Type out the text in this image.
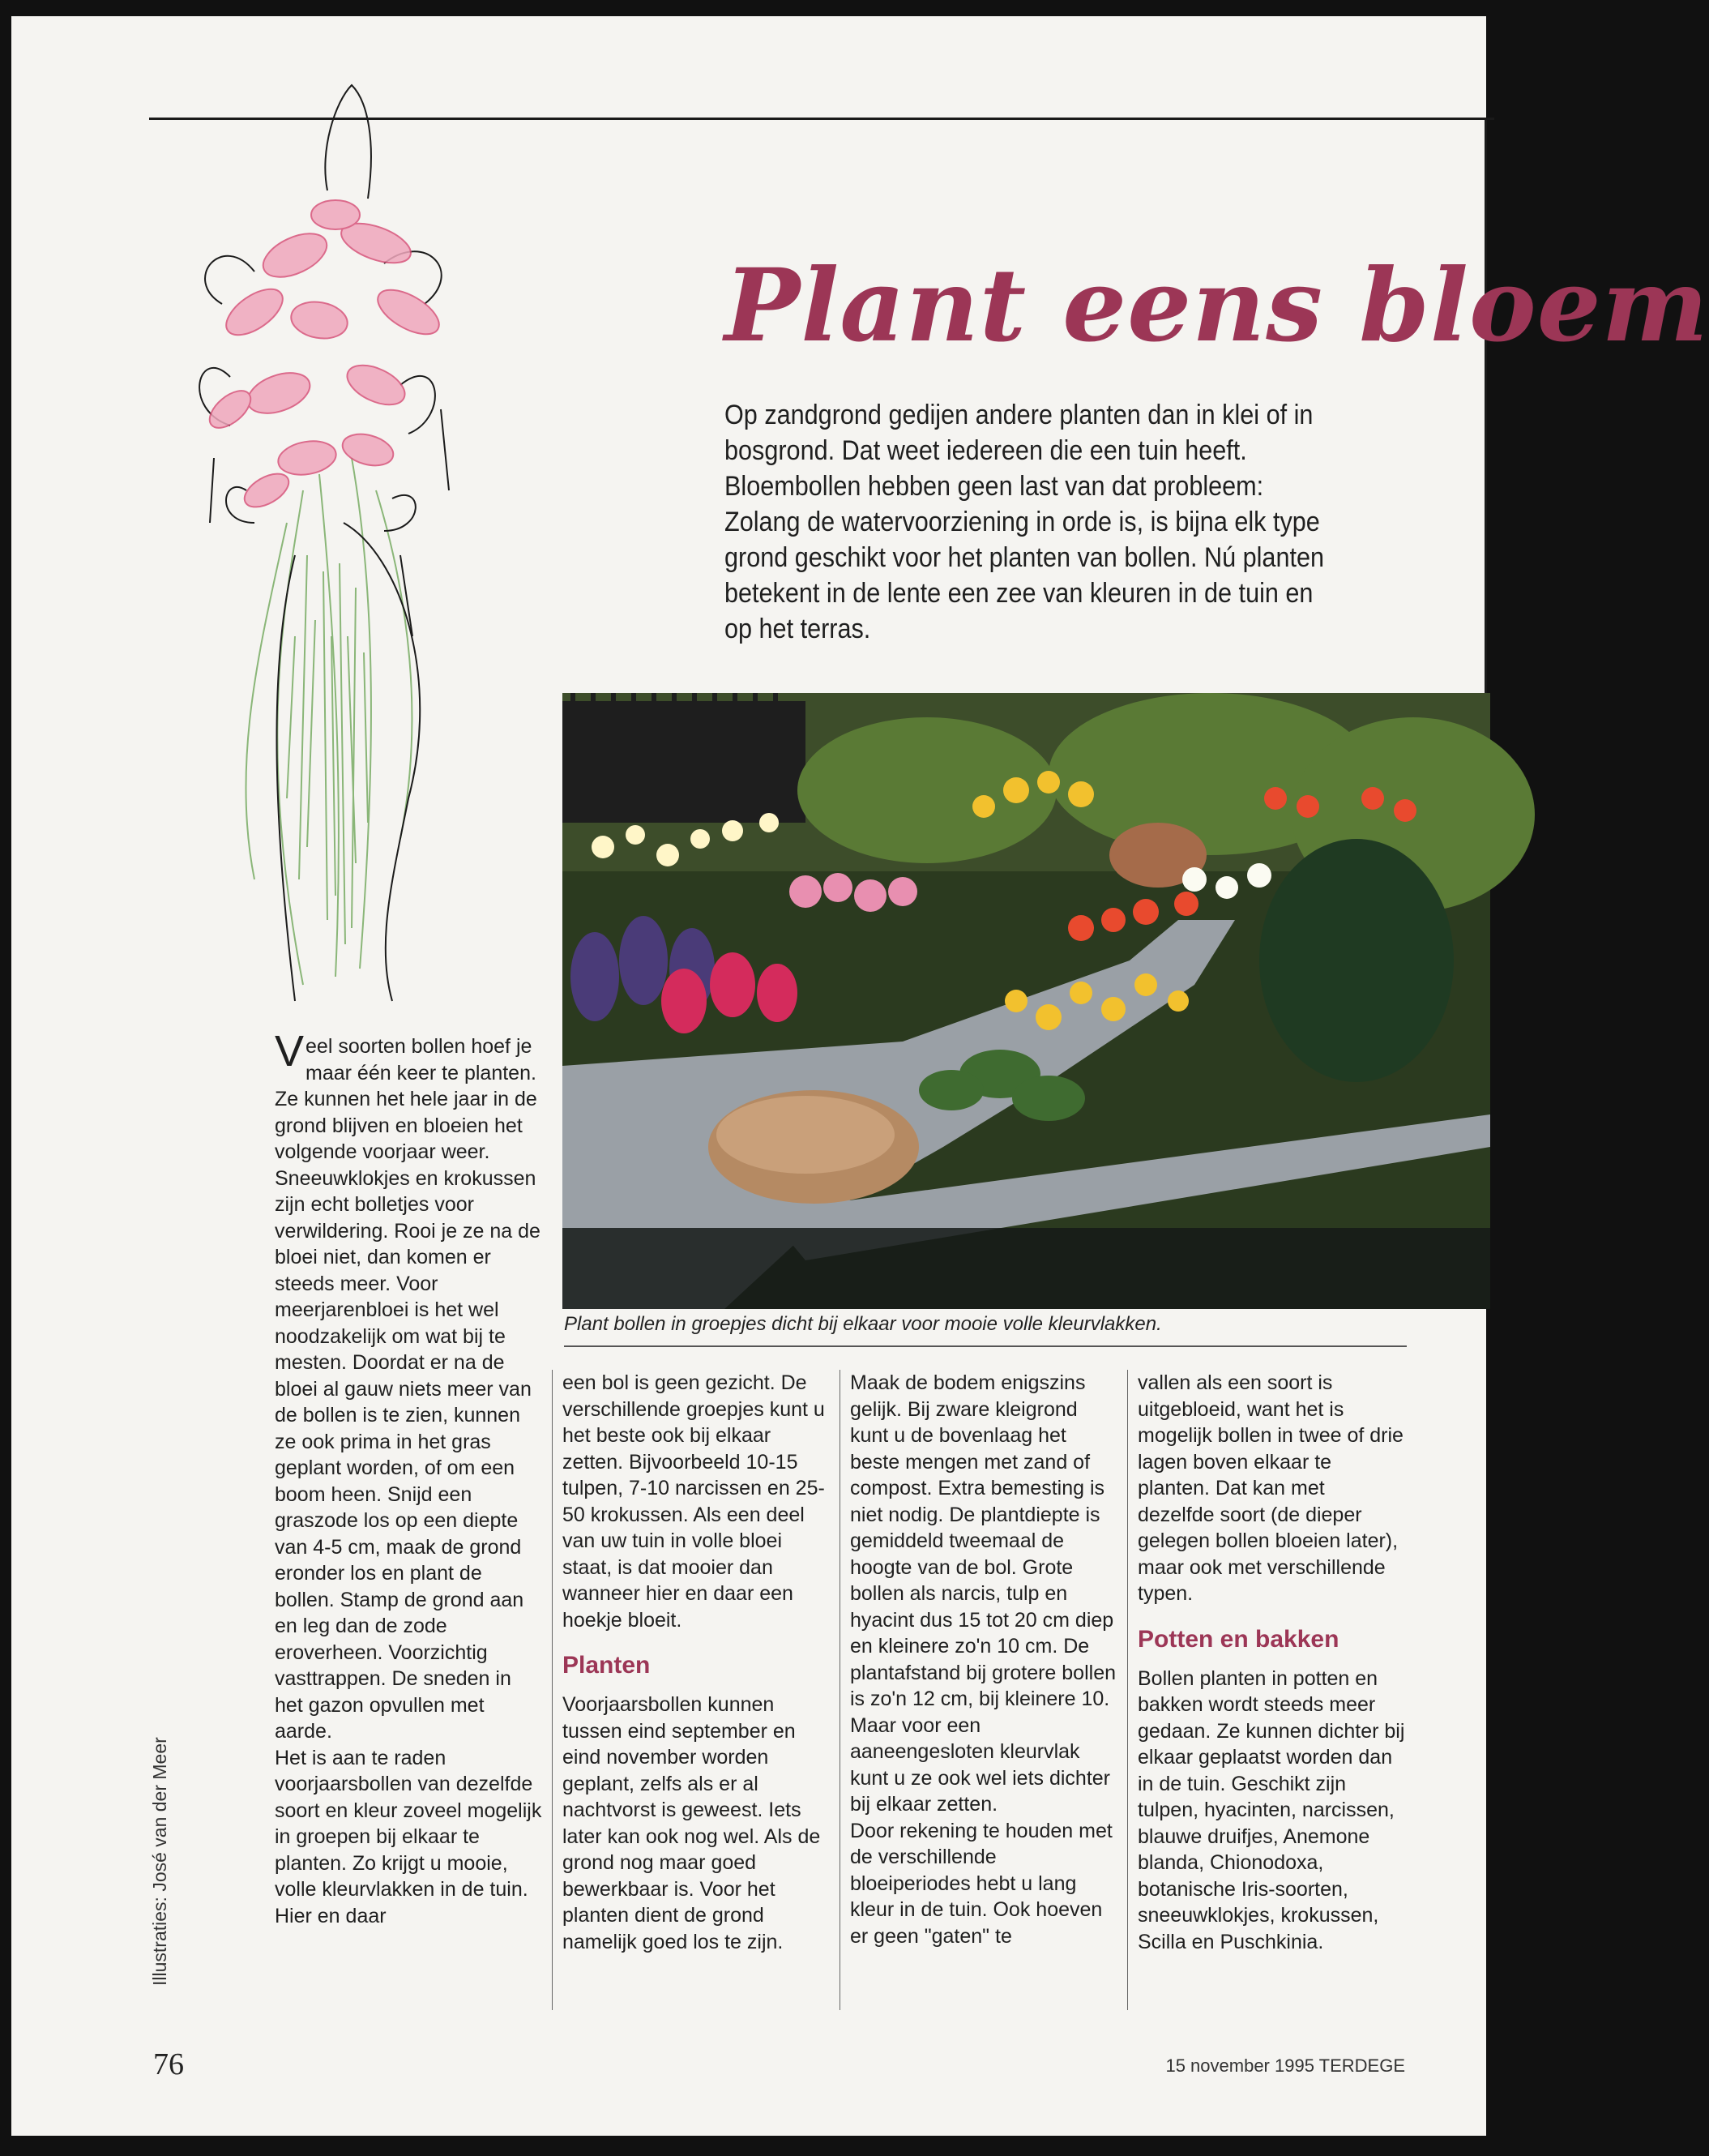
Plant eens bloem
Op zandgrond gedijen andere planten dan in klei of in bosgrond. Dat weet iedereen die een tuin heeft. Bloembollen hebben geen last van dat probleem: Zolang de watervoorziening in orde is, is bijna elk type grond geschikt voor het planten van bollen. Nú planten betekent in de lente een zee van kleuren in de tuin en op het terras.
Plant bollen in groepjes dicht bij elkaar voor mooie volle kleurvlakken.

Veel soorten bollen hoef je maar één keer te planten. Ze kunnen het hele jaar in de grond blijven en bloeien het volgende voorjaar weer. Sneeuwklokjes en krokussen zijn echt bolletjes voor verwildering. Rooi je ze na de bloei niet, dan komen er steeds meer. Voor meerjarenbloei is het wel noodzakelijk om wat bij te mesten. Doordat er na de bloei al gauw niets meer van de bollen is te zien, kunnen ze ook prima in het gras geplant worden, of om een boom heen. Snijd een graszode los op een diepte van 4-5 cm, maak de grond eronder los en plant de bollen. Stamp de grond aan en leg dan de zode eroverheen. Voorzichtig vasttrappen. De sneden in het gazon opvullen met aarde.

Het is aan te raden voorjaarsbollen van dezelfde soort en kleur zoveel mogelijk in groepen bij elkaar te planten. Zo krijgt u mooie, volle kleurvlakken in de tuin. Hier en daar

een bol is geen gezicht. De verschillende groepjes kunt u het beste ook bij elkaar zetten. Bijvoorbeeld 10-15 tulpen, 7-10 narcissen en 25-50 krokussen. Als een deel van uw tuin in volle bloei staat, is dat mooier dan wanneer hier en daar een hoekje bloeit.

Planten

Voorjaarsbollen kunnen tussen eind september en eind november worden geplant, zelfs als er al nachtvorst is geweest. Iets later kan ook nog wel. Als de grond nog maar goed bewerkbaar is. Voor het planten dient de grond namelijk goed los te zijn.

Maak de bodem enigszins gelijk. Bij zware kleigrond kunt u de bovenlaag het beste mengen met zand of compost. Extra bemesting is niet nodig. De plantdiepte is gemiddeld tweemaal de hoogte van de bol. Grote bollen als narcis, tulp en hyacint dus 15 tot 20 cm diep en kleinere zo'n 10 cm. De plantafstand bij grotere bollen is zo'n 12 cm, bij kleinere 10. Maar voor een aaneengesloten kleurvlak kunt u ze ook wel iets dichter bij elkaar zetten.

Door rekening te houden met de verschillende bloeiperiodes hebt u lang kleur in de tuin. Ook hoeven er geen "gaten" te

vallen als een soort is uitgebloeid, want het is mogelijk bollen in twee of drie lagen boven elkaar te planten. Dat kan met dezelfde soort (de dieper gelegen bollen bloeien later), maar ook met verschillende typen.

Potten en bakken

Bollen planten in potten en bakken wordt steeds meer gedaan. Ze kunnen dichter bij elkaar geplaatst worden dan in de tuin. Geschikt zijn tulpen, hyacinten, narcissen, blauwe druifjes, Anemone blanda, Chionodoxa, botanische Iris-soorten, sneeuwklokjes, krokussen, Scilla en Puschkinia.

Illustraties: José van der Meer
76	15 november 1995 TERDEGE
